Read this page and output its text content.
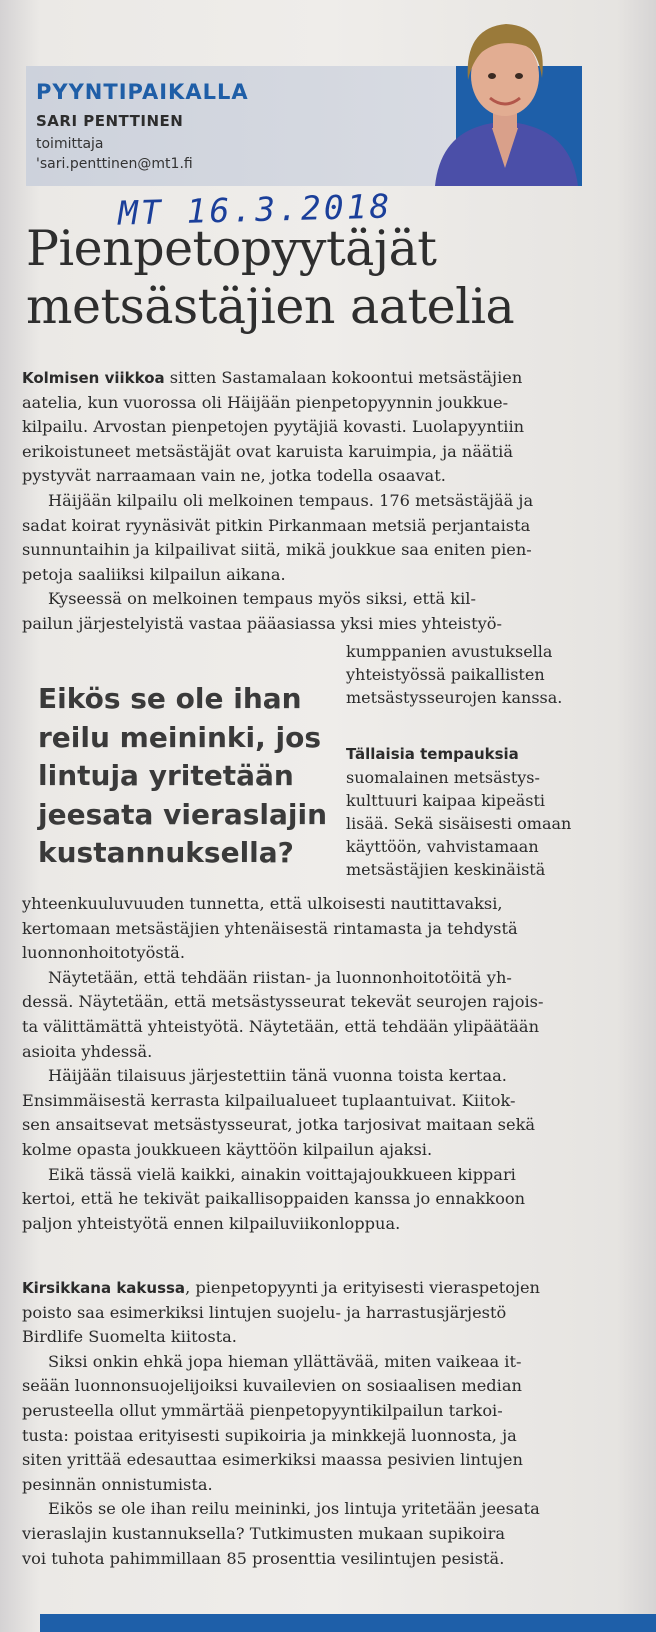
PYYNTIPAIKALLA
SARI PENTTINEN
toimittaja
'sari.penttinen@mt1.fi
MT 16.3.2018
Pienpetopyytäjät
metsästäjien aatelia

Kolmisen viikkoa sitten Sastamalaan kokoontui metsästäjien
aatelia, kun vuorossa oli Häijään pienpetopyynnin joukkue-
kilpailu. Arvostan pienpetojen pyytäjiä kovasti. Luolapyyntiin
erikoistuneet metsästäjät ovat karuista karuimpia, ja näätiä
pystyvät narraamaan vain ne, jotka todella osaavat.

Häijään kilpailu oli melkoinen tempaus. 176 metsästäjää ja
sadat koirat ryynäsivät pitkin Pirkanmaan metsiä perjantaista
sunnuntaihin ja kilpailivat siitä, mikä joukkue saa eniten pien-
petoja saaliiksi kilpailun aikana.

Kyseessä on melkoinen tempaus myös siksi, että kil-
pailun järjestelyistä vastaa pääasiassa yksi mies yhteistyö-

kumppanien avustuksella
yhteistyössä paikallisten
metsästysseurojen kanssa.

Eikös se ole ihan
reilu meininki, jos
lintuja yritetään
jeesata vieraslajin
kustannuksella?

Tällaisia tempauksia
suomalainen metsästys-
kulttuuri kaipaa kipeästi
lisää. Sekä sisäisesti omaan
käyttöön, vahvistamaan
metsästäjien keskinäistä

yhteenkuuluvuuden tunnetta, että ulkoisesti nautittavaksi,
kertomaan metsästäjien yhtenäisestä rintamasta ja tehdystä
luonnonhoitotyöstä.

Näytetään, että tehdään riistan- ja luonnonhoitotöitä yh-
dessä. Näytetään, että metsästysseurat tekevät seurojen rajois-
ta välittämättä yhteistyötä. Näytetään, että tehdään ylipäätään
asioita yhdessä.

Häijään tilaisuus järjestettiin tänä vuonna toista kertaa.
Ensimmäisestä kerrasta kilpailualueet tuplaantuivat. Kiitok-
sen ansaitsevat metsästysseurat, jotka tarjosivat maitaan sekä
kolme opasta joukkueen käyttöön kilpailun ajaksi.

Eikä tässä vielä kaikki, ainakin voittajajoukkueen kippari
kertoi, että he tekivät paikallisoppaiden kanssa jo ennakkoon
paljon yhteistyötä ennen kilpailuviikonloppua.

Kirsikkana kakussa, pienpetopyynti ja erityisesti vieraspetojen
poisto saa esimerkiksi lintujen suojelu- ja harrastusjärjestö
Birdlife Suomelta kiitosta.

Siksi onkin ehkä jopa hieman yllättävää, miten vaikeaa it-
seään luonnonsuojelijoiksi kuvailevien on sosiaalisen median
perusteella ollut ymmärtää pienpetopyyntikilpailun tarkoi-
tusta: poistaa erityisesti supikoiria ja minkkejä luonnosta, ja
siten yrittää edesauttaa esimerkiksi maassa pesivien lintujen
pesinnän onnistumista.

Eikös se ole ihan reilu meininki, jos lintuja yritetään jeesata
vieraslajin kustannuksella? Tutkimusten mukaan supikoira
voi tuhota pahimmillaan 85 prosenttia vesilintujen pesistä.
